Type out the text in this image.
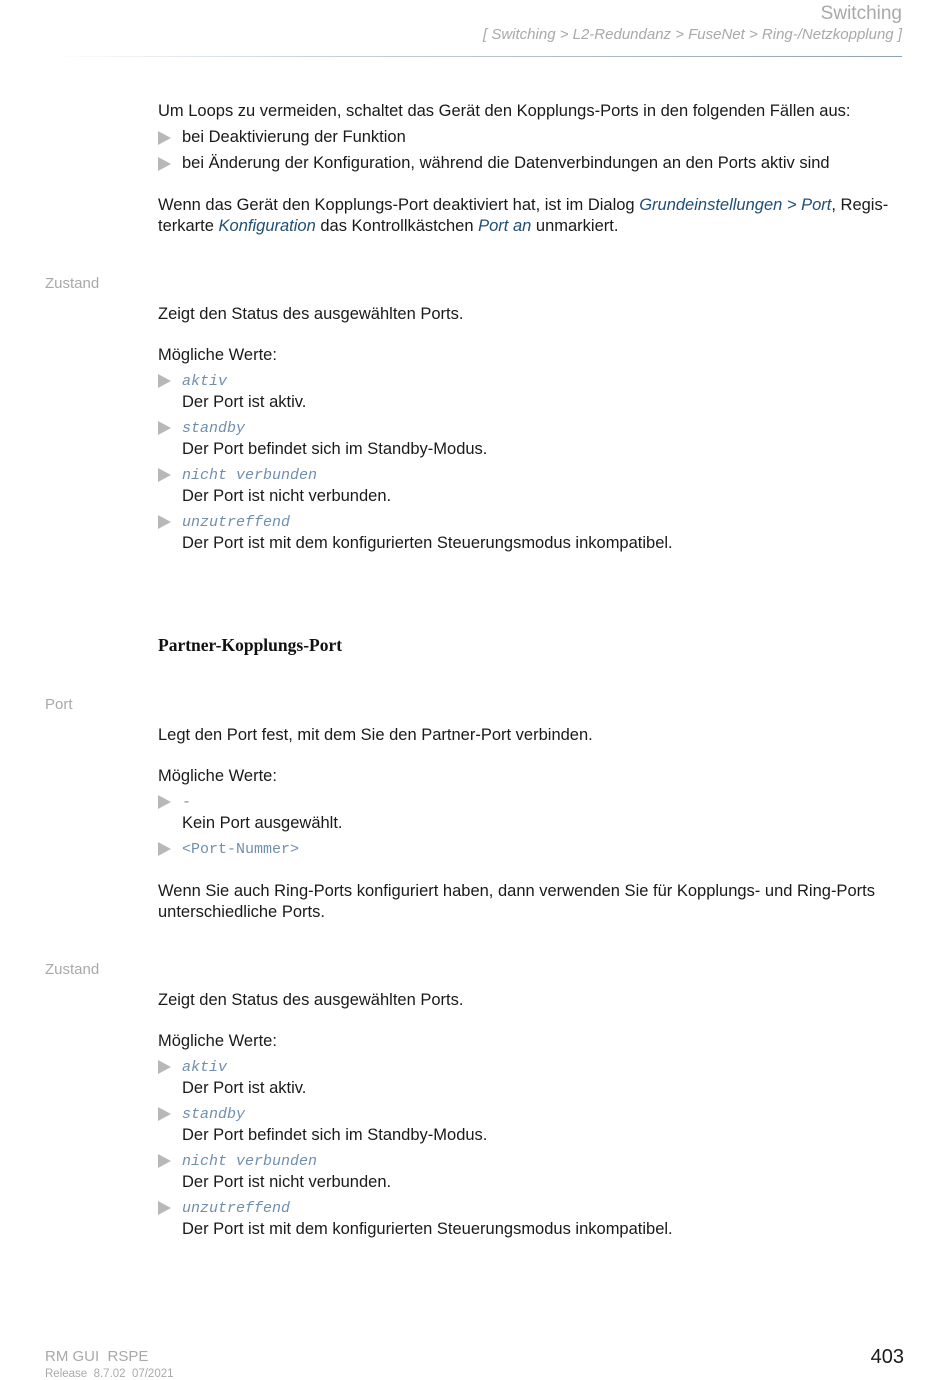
Switching
[ Switching > L2-Redundanz > FuseNet > Ring-/Netzkopplung ]
Um Loops zu vermeiden, schaltet das Gerät den Kopplungs-Ports in den folgenden Fällen aus:
bei Deaktivierung der Funktion
bei Änderung der Konfiguration, während die Datenverbindungen an den Ports aktiv sind
Wenn das Gerät den Kopplungs-Port deaktiviert hat, ist im Dialog Grundeinstellungen > Port, Regis-
terkarte Konfiguration das Kontrollkästchen Port an unmarkiert.
Zustand
Zeigt den Status des ausgewählten Ports.
Mögliche Werte:
aktiv
Der Port ist aktiv.
standby
Der Port befindet sich im Standby-Modus.
nicht verbunden
Der Port ist nicht verbunden.
unzutreffend
Der Port ist mit dem konfigurierten Steuerungsmodus inkompatibel.
Partner-Kopplungs-Port
Port
Legt den Port fest, mit dem Sie den Partner-Port verbinden.
Mögliche Werte:
-
Kein Port ausgewählt.
<Port-Nummer>
Wenn Sie auch Ring-Ports konfiguriert haben, dann verwenden Sie für Kopplungs- und Ring-Ports
unterschiedliche Ports.
Zustand
Zeigt den Status des ausgewählten Ports.
Mögliche Werte:
aktiv
Der Port ist aktiv.
standby
Der Port befindet sich im Standby-Modus.
nicht verbunden
Der Port ist nicht verbunden.
unzutreffend
Der Port ist mit dem konfigurierten Steuerungsmodus inkompatibel.
RM GUI  RSPE
Release  8.7.02  07/2021
403
